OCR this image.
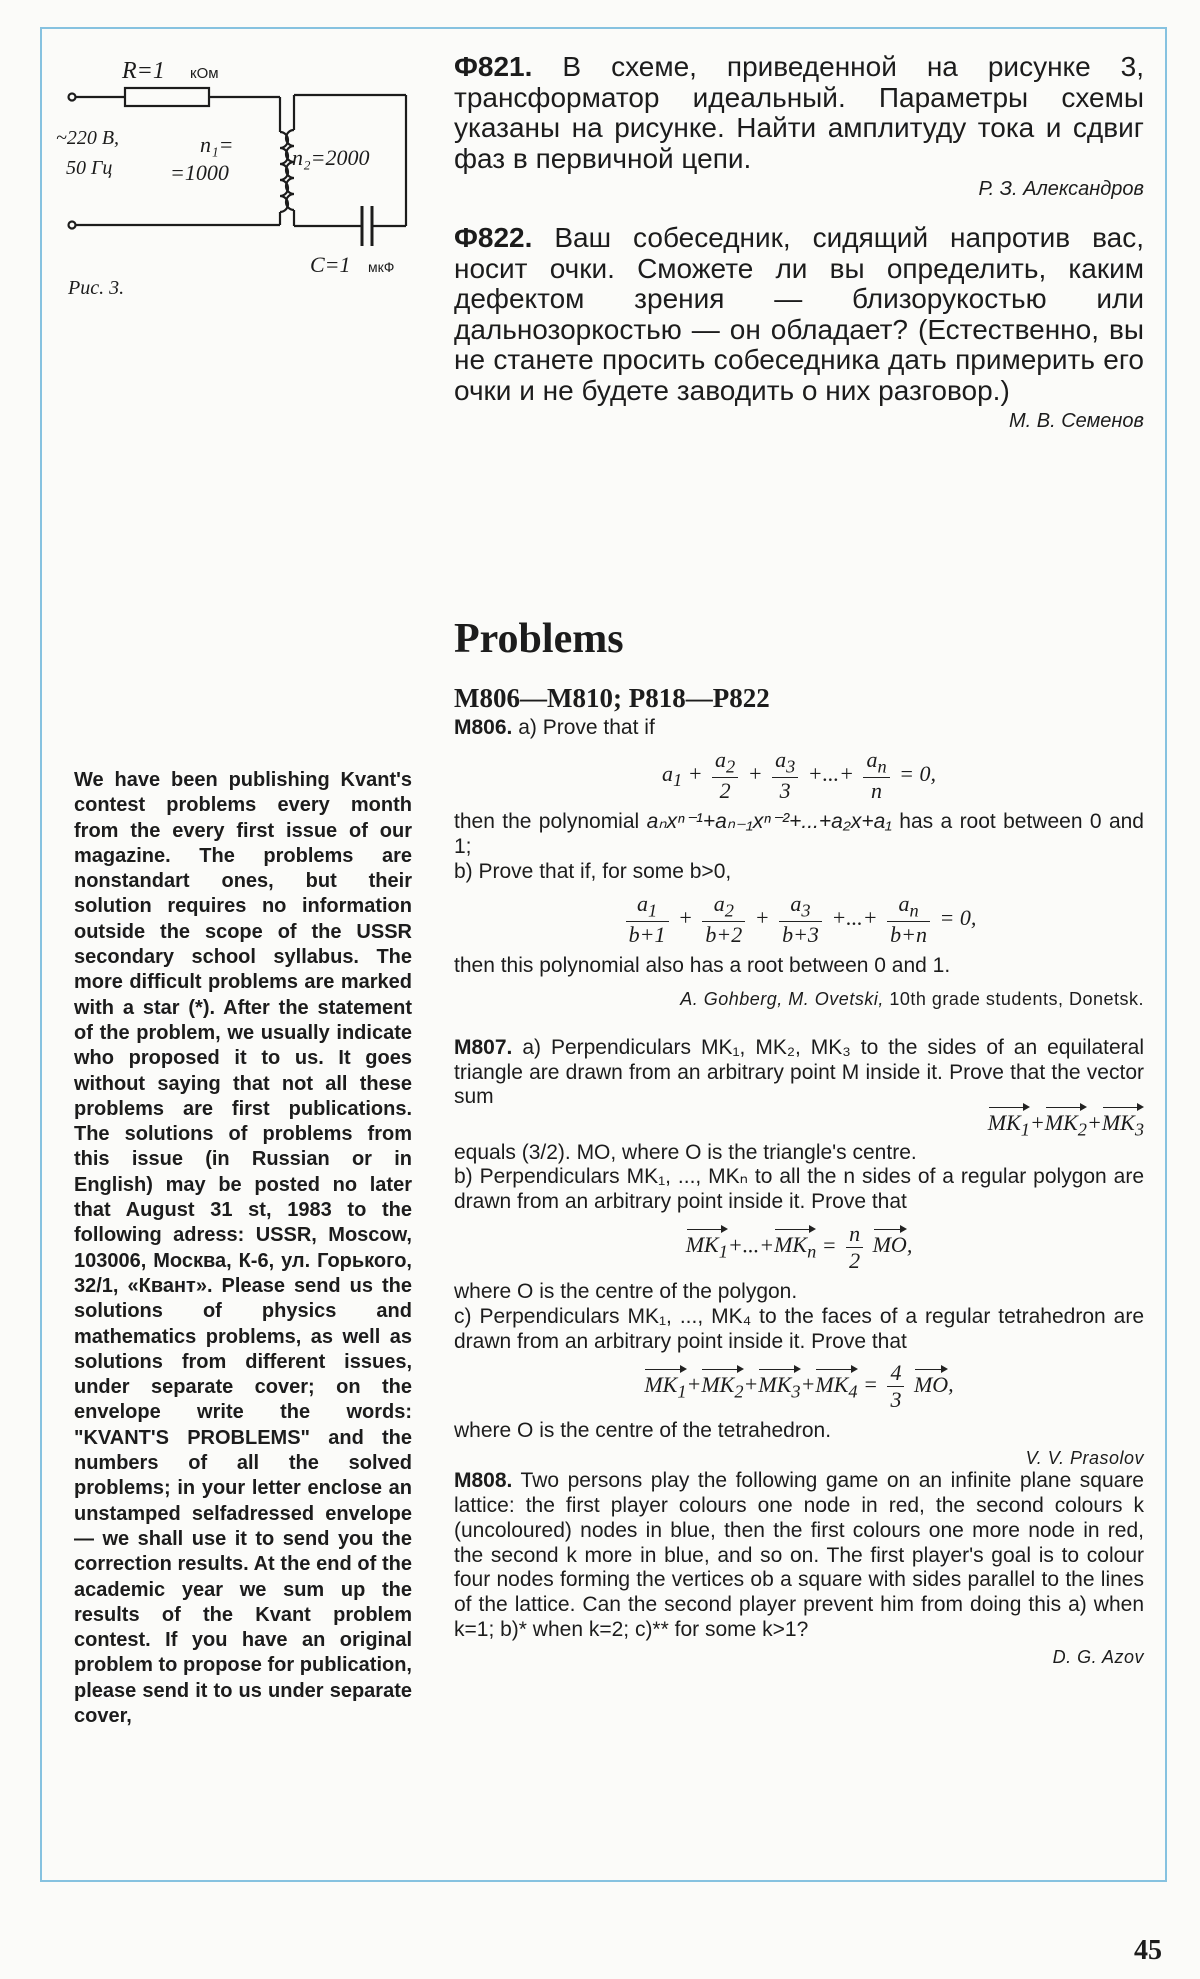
R=1 кОм
~220 В,
50 Гц
n₁=
=1000
n₂=2000
C=1 мкФ
Рис. 3.
Ф821. В схеме, приведенной на рисунке 3, трансформатор идеальный. Параметры схемы указаны на рисунке. Найти амплитуду тока и сдвиг фаз в первичной цепи.
Р. З. Александров
Ф822. Ваш собеседник, сидящий напротив вас, носит очки. Сможете ли вы определить, каким дефектом зрения — близорукостью или дальнозоркостью — он обладает? (Естественно, вы не станете просить собеседника дать примерить его очки и не будете заводить о них разговор.)
М. В. Семенов
Problems
M806—M810; P818—P822
M806. a) Prove that if
$a_1 + \frac{a_2}{2} + \frac{a_3}{3}$ +...+ $\frac{a_n}{n} = 0$,
then the polynomial aₙxⁿ⁻¹+aₙ₋₁xⁿ⁻²+...+a₂x+a₁ has a root between 0 and 1;
b) Prove that if, for some b>0,
$\frac{a_1}{b+1} + \frac{a_2}{b+2} + \frac{a_3}{b+3}$ +...+ $\frac{a_n}{b+n} = 0$,
then this polynomial also has a root between 0 and 1.
A. Gohberg, M. Ovetski, 10th grade students, Donetsk.
M807. a) Perpendiculars MK₁, MK₂, MK₃ to the sides of an equilateral triangle are drawn from an arbitrary point M inside it. Prove that the vector sum
$MK_1+MK_2+MK_3$
equals (3/2). MO, where O is the triangle's centre.
b) Perpendiculars MK₁, ..., MKₙ to all the n sides of a regular polygon are drawn from an arbitrary point inside it. Prove that
$MK_1+...+MK_n = \frac{n}{2}$ MO,
where O is the centre of the polygon.
c) Perpendiculars MK₁, ..., MK₄ to the faces of a regular tetrahedron are drawn from an arbitrary point inside it. Prove that
$MK_1+MK_2+MK_3+MK_4 = \frac{4}{3}$ MO,
where O is the centre of the tetrahedron.
V. V. Prasolov
M808. Two persons play the following game on an infinite plane square lattice: the first player colours one node in red, the second colours k (uncoloured) nodes in blue, then the first colours one more node in red, the second k more in blue, and so on. The first player's goal is to colour four nodes forming the vertices ob a square with sides parallel to the lines of the lattice. Can the second player prevent him from doing this a) when k=1; b)* when k=2; c)** for some k>1?
D. G. Azov
We have been publishing Kvant's contest problems every month from the every first issue of our magazine. The problems are nonstandart ones, but their solution requires no information outside the scope of the USSR secondary school syllabus. The more difficult problems are marked with a star (*). After the statement of the problem, we usually indicate who proposed it to us. It goes without saying that not all these problems are first publications. The solutions of problems from this issue (in Russian or in English) may be posted no later that August 31 st, 1983 to the following adress: USSR, Moscow, 103006, Москва, К-6, ул. Горького, 32/1, «Квант». Please send us the solutions of physics and mathematics problems, as well as solutions from different issues, under separate cover; on the envelope write the words: "KVANT'S PROBLEMS" and the numbers of all the solved problems; in your letter enclose an unstamped selfadressed envelope — we shall use it to send you the correction results. At the end of the academic year we sum up the results of the Kvant problem contest. If you have an original problem to propose for publication, please send it to us under separate cover,
45
